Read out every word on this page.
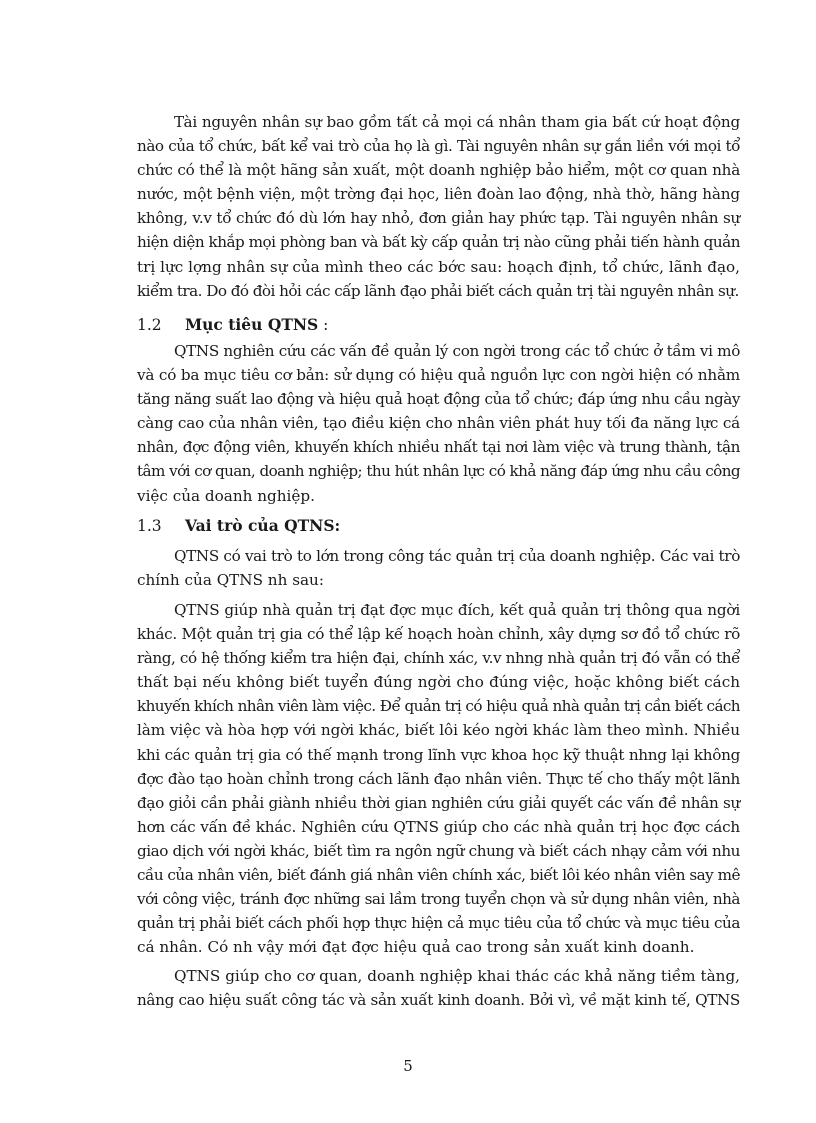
Tài nguyên nhân sự bao gồm tất cả mọi cá nhân tham gia bất cứ hoạt động
nào của tổ chức, bất kể vai trò của họ là gì. Tài nguyên nhân sự gắn liền với mọi tổ
chức có thể là một hãng sản xuất, một doanh nghiệp bảo hiểm, một cơ quan nhà
nước, một bệnh viện, một trờng đại học, liên đoàn lao động, nhà thờ, hãng hàng
không, v.v tổ chức đó dù lớn hay nhỏ, đơn giản hay phức tạp. Tài nguyên nhân sự
hiện diện khắp mọi phòng ban và bất kỳ cấp quản trị nào cũng phải tiến hành quản
trị lực lợng nhân sự của mình theo các bớc sau: hoạch định, tổ chức, lãnh đạo,
kiểm tra. Do đó đòi hỏi các cấp lãnh đạo phải biết cách quản trị tài nguyên nhân sự.

1.2 Mục tiêu QTNS :

QTNS nghiên cứu các vấn đề quản lý con ngời trong các tổ chức ở tầm vi mô
và có ba mục tiêu cơ bản: sử dụng có hiệu quả nguồn lực con ngời hiện có nhằm
tăng năng suất lao động và hiệu quả hoạt động của tổ chức; đáp ứng nhu cầu ngày
càng cao của nhân viên, tạo điều kiện cho nhân viên phát huy tối đa năng lực cá
nhân, đợc động viên, khuyến khích nhiều nhất tại nơi làm việc và trung thành, tận
tâm với cơ quan, doanh nghiệp; thu hút nhân lực có khả năng đáp ứng nhu cầu công
việc của doanh nghiệp.

1.3 Vai trò của QTNS:

QTNS có vai trò to lớn trong công tác quản trị của doanh nghiệp. Các vai trò
chính của QTNS nh sau:

QTNS giúp nhà quản trị đạt đợc mục đích, kết quả quản trị thông qua ngời
khác. Một quản trị gia có thể lập kế hoạch hoàn chỉnh, xây dựng sơ đồ tổ chức rõ
ràng, có hệ thống kiểm tra hiện đại, chính xác, v.v nhng nhà quản trị đó vẫn có thể
thất bại nếu không biết tuyển đúng ngời cho đúng việc, hoặc không biết cách
khuyến khích nhân viên làm việc. Để quản trị có hiệu quả nhà quản trị cần biết cách
làm việc và hòa hợp với ngời khác, biết lôi kéo ngời khác làm theo mình. Nhiều
khi các quản trị gia có thế mạnh trong lĩnh vực khoa học kỹ thuật nhng lại không
đợc đào tạo hoàn chỉnh trong cách lãnh đạo nhân viên. Thực tế cho thấy một lãnh
đạo giỏi cần phải giành nhiều thời gian nghiên cứu giải quyết các vấn đề nhân sự
hơn các vấn đề khác. Nghiên cứu QTNS giúp cho các nhà quản trị học đợc cách
giao dịch với ngời khác, biết tìm ra ngôn ngữ chung và biết cách nhạy cảm với nhu
cầu của nhân viên, biết đánh giá nhân viên chính xác, biết lôi kéo nhân viên say mê
với công việc, tránh đợc những sai lầm trong tuyển chọn và sử dụng nhân viên, nhà
quản trị phải biết cách phối hợp thực hiện cả mục tiêu của tổ chức và mục tiêu của
cá nhân. Có nh vậy mới đạt đợc hiệu quả cao trong sản xuất kinh doanh.

QTNS giúp cho cơ quan, doanh nghiệp khai thác các khả năng tiềm tàng,
nâng cao hiệu suất công tác và sản xuất kinh doanh. Bởi vì, về mặt kinh tế, QTNS

5
